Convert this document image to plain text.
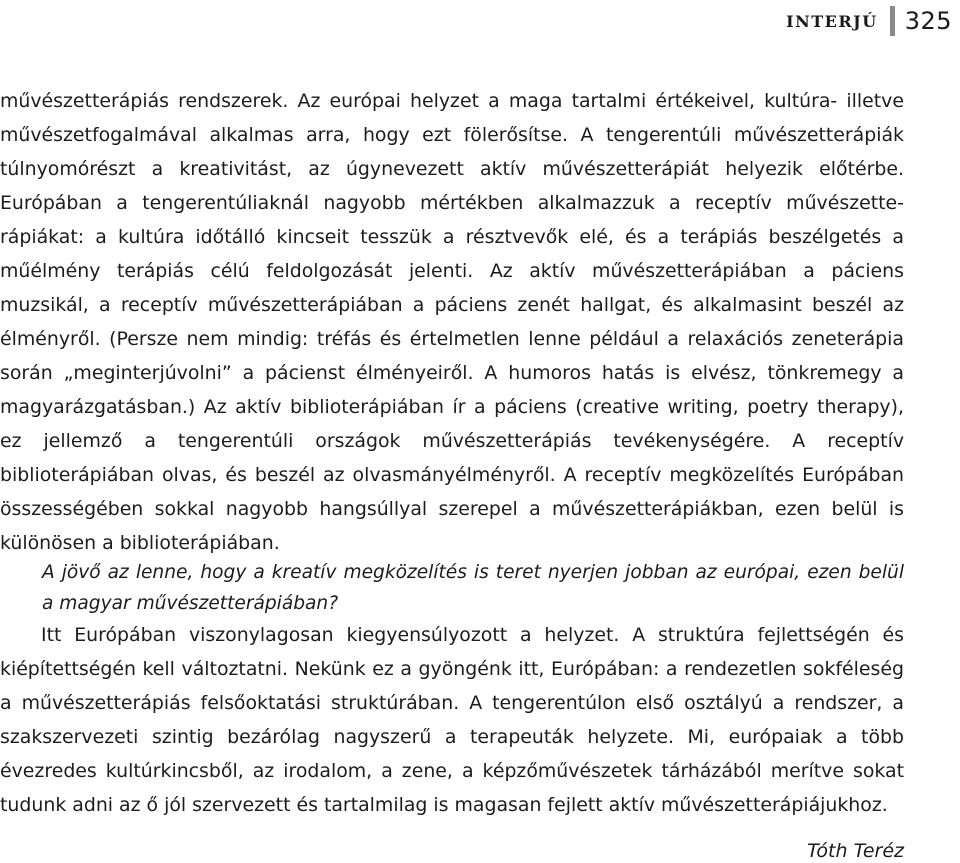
INTERJÚ 325

művészetterápiás rendszerek. Az európai helyzet a maga tartalmi értékeivel, kultúra- illetve művészetfogalmával alkalmas arra, hogy ezt fölerősítse. A tengerentúli művészetterápiák túlnyomórészt a kreativitást, az úgynevezett aktív művészetterápiát helyezik előtérbe. Európában a tengerentúliaknál nagyobb mértékben alkalmazzuk a receptív művészetterápiákat: a kultúra időtálló kincseit tesszük a résztvevők elé, és a terápiás beszélgetés a műélmény terápiás célú feldolgozását jelenti. Az aktív művészetterápiában a páciens muzsikál, a receptív művészetterápiában a páciens zenét hallgat, és alkalmasint beszél az élményről. (Persze nem mindig: tréfás és értelmetlen lenne például a relaxációs zeneterápia során „meginterjúvolni” a pácienst élményeiről. A humoros hatás is elvész, tönkremegy a magyarázgatásban.) Az aktív biblioterápiában ír a páciens (creative writing, poetry therapy), ez jellemző a tengerentúli országok művészetterápiás tevékenységére. A receptív biblioterápiában olvas, és beszél az olvasmányélményről. A receptív megközelítés Európában összességében sokkal nagyobb hangsúllyal szerepel a művészetterápiákban, ezen belül is különösen a biblioterápiában.

A jövő az lenne, hogy a kreatív megközelítés is teret nyerjen jobban az európai, ezen belül a magyar művészetterápiában?

Itt Európában viszonylagosan kiegyensúlyozott a helyzet. A struktúra fejlettségén és kiépítettségén kell változtatni. Nekünk ez a gyöngénk itt, Európában: a rendezetlen sokféleség a művészetterápiás felsőoktatási struktúrában. A tengerentúlon első osztályú a rendszer, a szakszervezeti szintig bezárólag nagyszerű a terapeuták helyzete. Mi, európaiak a több évezredes kultúrkincsből, az irodalom, a zene, a képzőművészetek tárházából merítve sokat tudunk adni az ő jól szervezett és tartalmilag is magasan fejlett aktív művészetterápiájukhoz.

Tóth Teréz
